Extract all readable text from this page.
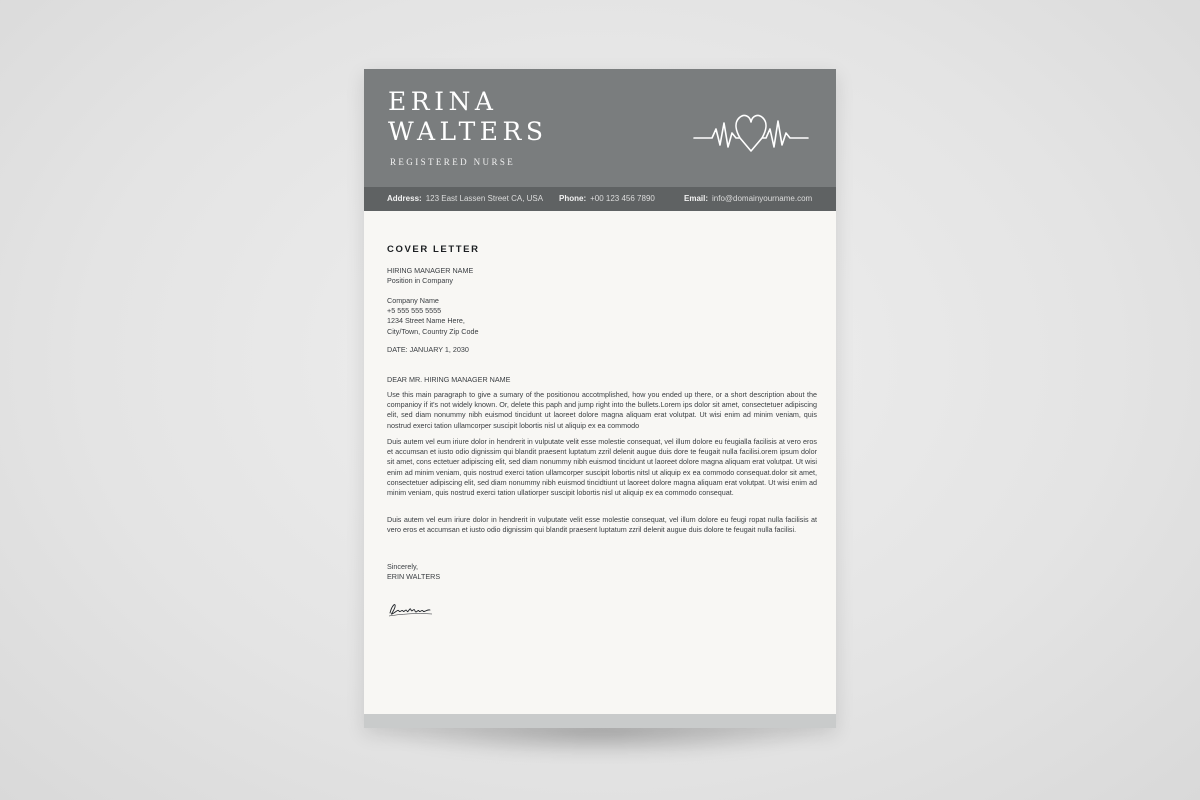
ERINA
WALTERS
REGISTERED NURSE
Address: 123 East Lassen Street CA, USA Phone: +00 123 456 7890	Email: info@domainyourname.com
COVER LETTER
HIRING MANAGER NAME
Position in Company
Company Name
+5 555 555 5555
1234 Street Name Here,
City/Town, Country Zip Code
DATE: JANUARY 1, 2030
DEAR MR. HIRING MANAGER NAME
Use this main paragraph to give a sumary of the positionou accotmplished, how you ended up there, or a short description about the companioy if it's not widely known. Or, delete this paph and jump right into the bullets.Lorem ips dolor sit amet, consectetuer adipiscing elit, sed diam nonummy nibh euismod tincidunt ut laoreet dolore magna aliquam erat volutpat. Ut wisi enim ad minim veniam, quis nostrud exerci tation ullamcorper suscipit lobortis nisl ut aliquip ex ea commodo
Duis autem vel eum iriure dolor in hendrerit in vulputate velit esse molestie consequat, vel illum dolore eu feugialla facilisis at vero eros et accumsan et iusto odio dignissim qui blandit praesent luptatum zzril delenit augue duis dore te feugait nulla facilisi.orem ipsum dolor sit amet, cons ectetuer adipiscing elit, sed diam nonummy nibh euismod tincidunt ut laoreet dolore magna aliquam erat volutpat. Ut wisi enim ad minim veniam, quis nostrud exerci tation ullamcorper suscipit lobortis nitsl ut aliquip ex ea commodo consequat.dolor sit amet, consectetuer adipiscing elit, sed diam nonummy nibh euismod tincidtiunt ut laoreet dolore magna aliquam erat volutpat. Ut wisi enim ad minim veniam, quis nostrud exerci tation ullatiorper suscipit lobortis nisl ut aliquip ex ea commodo consequat.
Duis autem vel eum iriure dolor in hendrerit in vulputate velit esse molestie consequat, vel illum dolore eu feugi ropat nulla facilisis at vero eros et accumsan et iusto odio dignissim qui blandit praesent luptatum zzril delenit augue duis dolore te feugait nulla facilisi.
Sincerely,
ERIN WALTERS
